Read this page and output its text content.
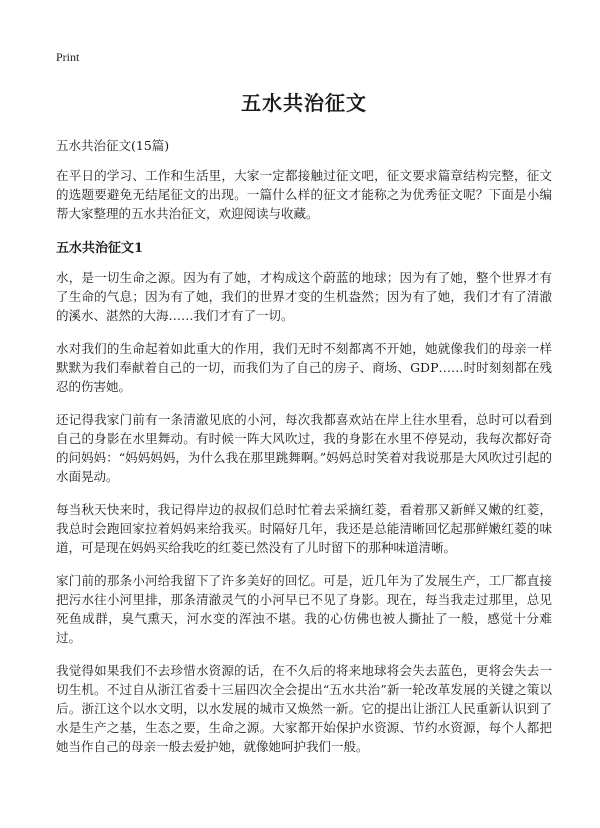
Print
五水共治征文

五水共治征文(15篇)

在平日的学习、工作和生活里，大家一定都接触过征文吧，征文要求篇章结构完整，征文的选题要避免无结尾征文的出现。一篇什么样的征文才能称之为优秀征文呢？下面是小编帮大家整理的五水共治征文，欢迎阅读与收藏。

五水共治征文1

水，是一切生命之源。因为有了她，才构成这个蔚蓝的地球；因为有了她，整个世界才有了生命的气息；因为有了她，我们的世界才变的生机盎然；因为有了她，我们才有了清澈的溪水、湛然的大海……我们才有了一切。

水对我们的生命起着如此重大的作用，我们无时不刻都离不开她，她就像我们的母亲一样默默为我们奉献着自己的一切，而我们为了自己的房子、商场、GDP……时时刻刻都在残忍的伤害她。

还记得我家门前有一条清澈见底的小河，每次我都喜欢站在岸上往水里看，总时可以看到自己的身影在水里舞动。有时候一阵大风吹过，我的身影在水里不停晃动，我每次都好奇的问妈妈：“妈妈妈妈，为什么我在那里跳舞啊。”妈妈总时笑着对我说那是大风吹过引起的水面晃动。

每当秋天快来时，我记得岸边的叔叔们总时忙着去采摘红菱，看着那又新鲜又嫩的红菱，我总时会跑回家拉着妈妈来给我买。时隔好几年，我还是总能清晰回忆起那鲜嫩红菱的味道，可是现在妈妈买给我吃的红菱已然没有了儿时留下的那种味道清晰。

家门前的那条小河给我留下了许多美好的回忆。可是，近几年为了发展生产，工厂都直接把污水往小河里排，那条清澈灵气的小河早已不见了身影。现在，每当我走过那里，总见死鱼成群，臭气熏天，河水变的浑浊不堪。我的心仿佛也被人撕扯了一般，感觉十分难过。

我觉得如果我们不去珍惜水资源的话，在不久后的将来地球将会失去蓝色，更将会失去一切生机。不过自从浙江省委十三届四次全会提出“五水共治”新一轮改革发展的关键之策以后。浙江这个以水文明，以水发展的城市又焕然一新。它的提出让浙江人民重新认识到了水是生产之基，生态之要，生命之源。大家都开始保护水资源、节约水资源，每个人都把她当作自己的母亲一般去爱护她，就像她呵护我们一般。
